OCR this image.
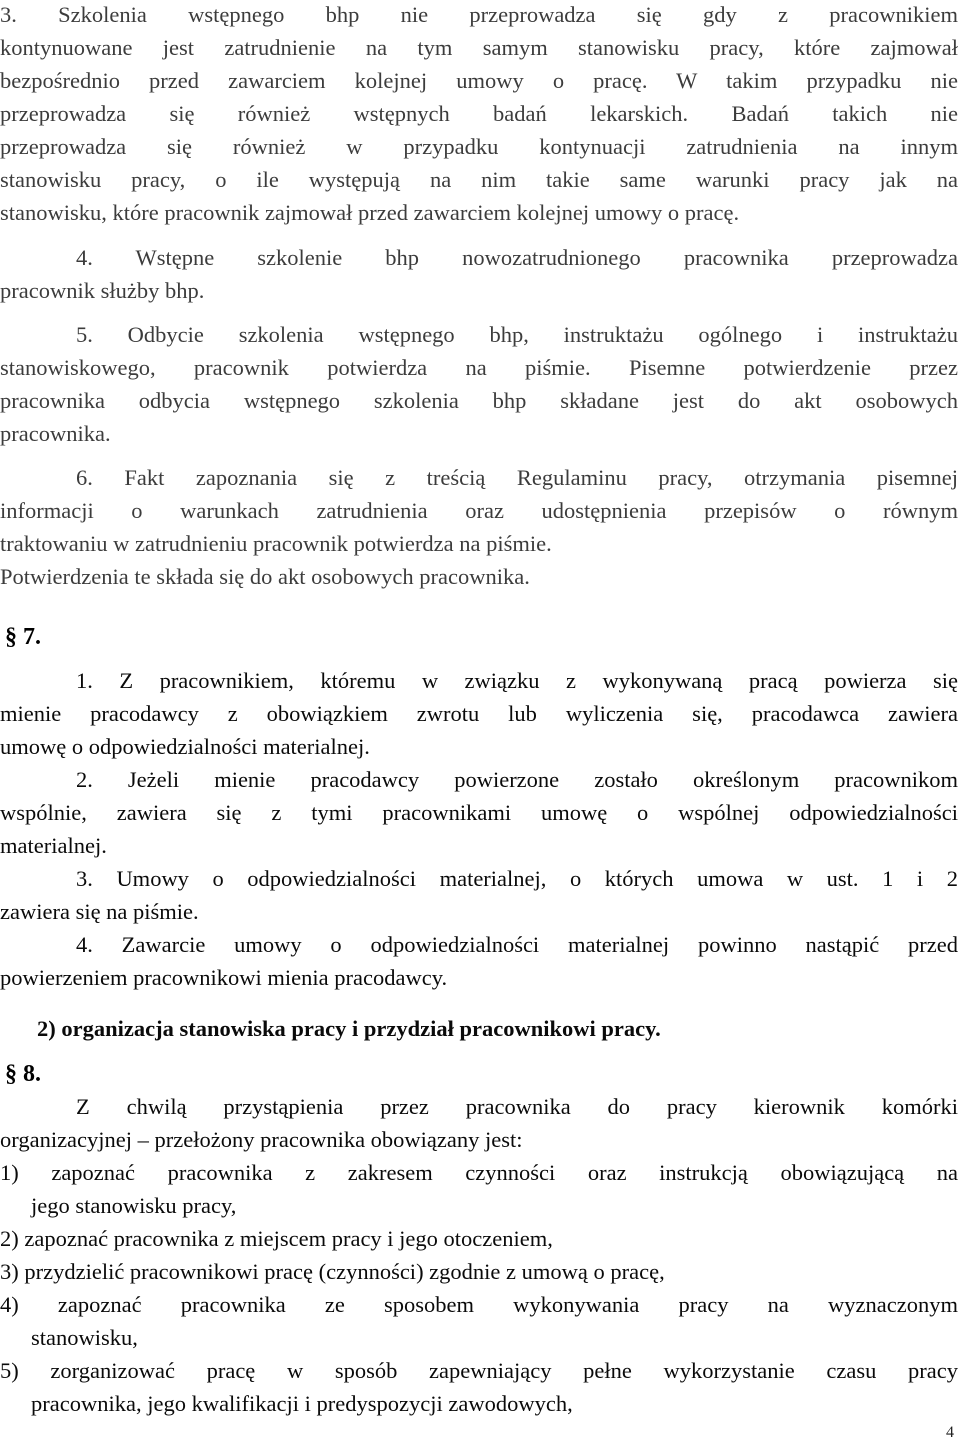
3. Szkolenia wstępnego bhp nie przeprowadza się gdy z pracownikiem

kontynuowane jest zatrudnienie na tym samym stanowisku pracy, które zajmował

bezpośrednio przed zawarciem kolejnej umowy o pracę. W takim przypadku nie

przeprowadza się również wstępnych badań lekarskich. Badań takich nie

przeprowadza się również w przypadku kontynuacji zatrudnienia na innym

stanowisku pracy, o ile występują na nim takie same warunki pracy jak na

stanowisku, które pracownik zajmował przed zawarciem kolejnej umowy o pracę.

4. Wstępne szkolenie bhp nowozatrudnionego pracownika przeprowadza

pracownik służby bhp.

5. Odbycie szkolenia wstępnego bhp, instruktażu ogólnego i instruktażu

stanowiskowego, pracownik potwierdza na piśmie. Pisemne potwierdzenie przez

pracownika odbycia wstępnego szkolenia bhp składane jest do akt osobowych

pracownika.

6. Fakt zapoznania się z treścią Regulaminu pracy, otrzymania pisemnej

informacji o warunkach zatrudnienia oraz udostępnienia przepisów o równym

traktowaniu w zatrudnieniu pracownik potwierdza na piśmie.

Potwierdzenia te składa się do akt osobowych pracownika.

§ 7.

1. Z pracownikiem, któremu w związku z wykonywaną pracą powierza się

mienie pracodawcy z obowiązkiem zwrotu lub wyliczenia się, pracodawca zawiera

umowę o odpowiedzialności materialnej.

2. Jeżeli mienie pracodawcy powierzone zostało określonym pracownikom

wspólnie, zawiera się z tymi pracownikami umowę o wspólnej odpowiedzialności

materialnej.

3. Umowy o odpowiedzialności materialnej, o których umowa w ust. 1 i 2

zawiera się na piśmie.

4. Zawarcie umowy o odpowiedzialności materialnej powinno nastąpić przed

powierzeniem pracownikowi mienia pracodawcy.

2) organizacja stanowiska pracy i przydział pracownikowi pracy.

§ 8.

Z chwilą przystąpienia przez pracownika do pracy kierownik komórki

organizacyjnej – przełożony pracownika obowiązany jest:

1) zapoznać pracownika z zakresem czynności oraz instrukcją obowiązującą na

jego stanowisku pracy,

2) zapoznać pracownika z miejscem pracy i jego otoczeniem,

3) przydzielić pracownikowi pracę (czynności) zgodnie z umową o pracę,

4) zapoznać pracownika ze sposobem wykonywania pracy na wyznaczonym

stanowisku,

5) zorganizować pracę w sposób zapewniający pełne wykorzystanie czasu pracy

pracownika, jego kwalifikacji i predyspozycji zawodowych,

4
